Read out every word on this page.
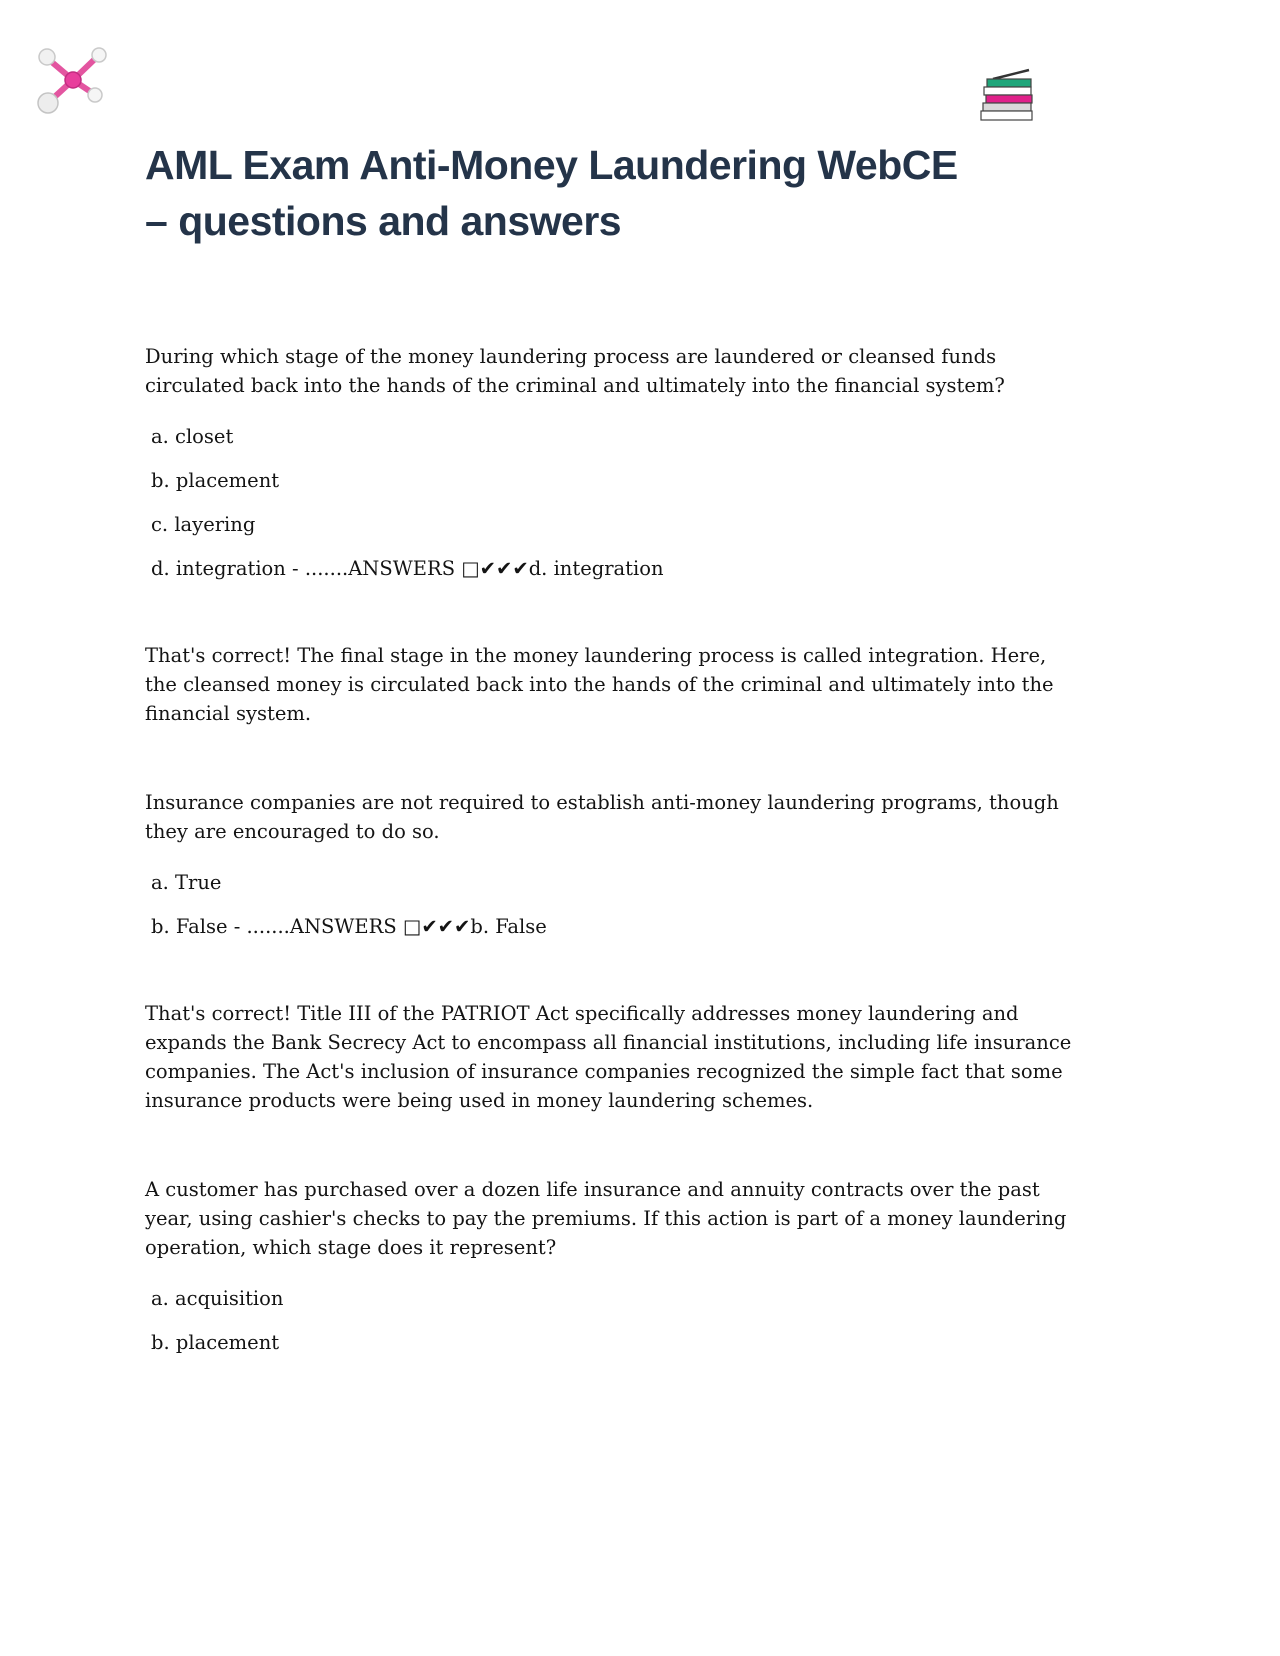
AML Exam Anti-Money Laundering WebCE – questions and answers

During which stage of the money laundering process are laundered or cleansed funds circulated back into the hands of the criminal and ultimately into the financial system?

a. closet

b. placement

c. layering

d. integration - .......ANSWERS □✔✔✔d. integration

That's correct! The final stage in the money laundering process is called integration. Here, the cleansed money is circulated back into the hands of the criminal and ultimately into the financial system.

Insurance companies are not required to establish anti-money laundering programs, though they are encouraged to do so.

a. True

b. False - .......ANSWERS □✔✔✔b. False

That's correct! Title III of the PATRIOT Act specifically addresses money laundering and expands the Bank Secrecy Act to encompass all financial institutions, including life insurance companies. The Act's inclusion of insurance companies recognized the simple fact that some insurance products were being used in money laundering schemes.

A customer has purchased over a dozen life insurance and annuity contracts over the past year, using cashier's checks to pay the premiums. If this action is part of a money laundering operation, which stage does it represent?

a. acquisition

b. placement
